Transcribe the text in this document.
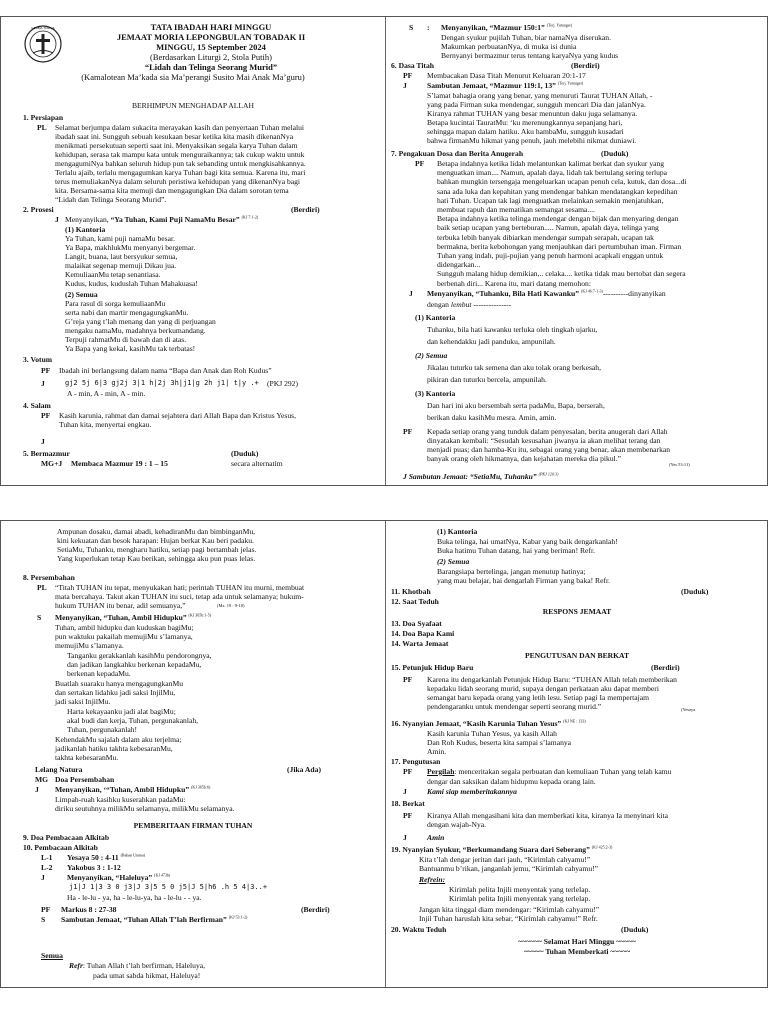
GEREJA TORAJA	TATA IBADAH HARI MINGGU
JEMAAT MORIA LEPONGBULAN TOBADAK II
MINGGU, 15 September 2024
(Berdasarkan Liturgi 2, Stola Putih)
“Lidah dan Telinga Seorang Murid”
(Kamalotean Ma’kada sia Ma’perangi Susito Mai Anak Ma’guru)
BERHIMPUN MENGHADAP ALLAH
1. Persiapan
PL Selamat berjumpa dalam sukacita merayakan kasih dan penyertaan Tuhan melalui
ibadah saat ini. Sungguh sebuah kesukaan besar ketika kita masih dikenanNya
menikmati persekutuan seperti saat ini. Menyaksikan segala karya Tuhan dalam
kehidupan, serasa tak mampu kata untuk menguraikannya; tak cukup waktu untuk
mengagumiNya bahkan seluruh hidup pun tak sebanding untuk mengkisahkannya.
Terlalu ajaib, terlalu mengagumkan karya Tuhan bagi kita semua. Karena itu, mari
terus memuliakanNya dalam seluruh peristiwa kehidupan yang dikenanNya bagi
kita. Bersama-sama kita memuji dan mengagungkan Dia dalam sorotan tema
“Lidah dan Telinga Seorang Murid”.
2. Prosesi	(Berdiri)
J Menyanyikan, “Ya Tuhan, Kami Puji NamaMu Besar” $^{(KJ 7:1-2)}$
(1) Kantoria
Ya Tuhan, kami puji namaMu besar.
Ya Bapa, makhlukMu menyanyi bergemar.
Langit, buana, laut bersyukur semua,
malaikat segenap memuji Dikau jua.
KemuliaanMu tetap senantiasa.
Kudus, kudus, kuduslah Tuhan Mahakuasa!
(2) Semua
Para rasul di sorga kemuliaanMu
serta nabi dan martir mengagungkanMu.
G’reja yang t’lah menang dan yang di perjuangan
mengaku namaMu, madahnya berkumandang.
Terpuji rahmatMu di bawah dan di atas.
Ya Bapa yang kekal, kasihMu tak terbatas!
3. Votum
PF Ibadah ini berlangsung dalam nama “Bapa dan Anak dan Roh Kudus”
J	gj2 5j 6|3 gj2j 3|1 h|2j 3h|j1|g 2h j1| t|y .+ (PKJ 292)
A - min, A - min, A - min.
4. Salam
PF Kasih karunia, rahmat dan damai sejahtera dari Allah Bapa dan Kristus Yesus,
Tuhan kita, menyertai engkau.
J
5. Bermazmur	(Duduk)
MG+J Membaca Mazmur 19 : 1 – 15	secara alternatim
S : Menyanyikan, “Mazmur 150:1” $^{(Terj. Yamuger)}$
Dengan syukur pujilah Tuhan, biar namaNya diserukan.
Makumkan perbuatanNya, di muka isi dunia
Bernyanyi bermazmur terus tentang karyaNya yang kudus
6. Dasa Titah	(Berdiri)
PF Membacakan Dasa Titah Menurut Keluaran 20:1-17
J	Sambutan Jemaat, “Mazmur 119:1, 13” $^{(Terj. Yamuger)}$
S’lamat bahagia orang yang benar, yang menuruti Taurat TUHAN Allah, -
yang pada Firman suka mendengar, sungguh mencari Dia dan jalanNya.
Kiranya rahmat TUHAN yang besar menuntun daku juga selamanya.
Betapa kucintai TauratMu: ‘ku merenungkannya sepanjang hari,
sehingga mapan dalam hatiku. Aku hambaMu, sungguh kusadari
bahwa firmanMu hikmat yang penuh, jauh melebihi nikmat duniawi.
7. Pengakuan Dosa dan Berita Anugerah	(Duduk)
PF Betapa indahnya ketika lidah melantunkan kalimat berkat dan syukur yang
menguatkan iman.... Namun, apalah daya, lidah tak bertulang sering terlupa
bahkan mungkin tersengaja mengeluarkan ucapan penuh cela, kutuk, dan dosa...di
sana ada luka dan kepahitan yang mendengar bahkan mendatangkan kepedihan
hati Tuhan. Ucapan tak lagi menguatkan melainkan semakin menjatuhkan,
membuat rapuh dan mematikan semangat sesama....
Betapa indahnya ketika telinga mendengar dengan bijak dan menyaring dengan
baik setiap ucapan yang berteburan..... Namun, apalah daya, telinga yang
terbuka lebih banyak dibiarkan mendengar sumpah serapah, ucapan tak
bermakna, berita kebohongan yang menjauhkan dari pertumbuhan iman. Firman
Tuhan yang indah, puji-pujian yang penuh harmoni acapkali enggan untuk
didengarkan...
Sungguh malang hidup demikian,.. celaka.... ketika tidak mau bertobat dan segera
berbenah diri... Karena itu, mari datang memohon:
J Menyanyikan, “Tuhanku, Bila Hati Kawanku” $^{(KJ 46:7-1-3)}$----------dinyanyikan
dengan lembut ---------------
(1) Kantoria
Tuhanku, bila hati kawanku terluka oleh tingkah ujarku,
dan kehendakku jadi panduku, ampunilah.
(2) Semua
Jikalau tuturku tak semena dan aku tolak orang berkesah,
pikiran dan tuturku bercela, ampunilah.
(3) Kantoria
Dan hari ini aku bersembah serta padaMu, Bapa, berserah,
berikan daku kasihMu mesra. Amin, amin.
PF Kepada setiap orang yang tunduk dalam penyesalan, berita anugerah dari Allah
dinyatakan kembali: “Sesudah kesusahan jiwanya ia akan melihat terang dan
menjadi puas; dan hamba-Ku itu, sebagai orang yang benar, akan membenarkan
banyak orang oleh hikmatnya, dan kejahatan mereka dia pikul.”
(Yes 53:11)
J Sambutan Jemaat: “SetiaMu, Tuhanku” $^{(PKJ 120:3)}$
Ampunan dosaku, damai abadi, kehadiranMu dan bimbinganMu,
kini kekuatan dan besok harapan: Hujan berkat Kau beri padaku.
SetiaMu, Tuhanku, mengharu hatiku, setiap pagi bertambah jelas.
Yang kuperlukan tetap Kau berikan, sehingga aku pun puas lelas.
8. Persembahan
PL “Titah TUHAN itu tepat, menyukakan hati; perintah TUHAN itu murni, membuat
mata bercahaya. Takut akan TUHAN itu suci, tetap ada untuk selamanya; hukum-
hukum TUHAN itu benar, adil semuanya,”	(Mz. 19 : 9-10)
S Menyanyikan, “Tuhan, Ambil Hidupku” $^{(KJ 365b:1-5)}$
Tuhan, ambil hidupku dan kuduskan bagiMu;
pun waktuku pakailah memujiMu s’lamanya,
memujiMu s’lamanya.
Tanganku gerakkanlah kasihMu pendorongnya,
dan jadikan langkahku berkenan kepadaMu,
berkenan kepadaMu.
Buatlah suaraku hanya mengagungkanMu
dan sertakan lidahku jadi saksi InjilMu,
jadi saksi InjilMu.
Harta kekayaanku jadi alat bagiMu;
akal budi dan kerja, Tuhan, pergunakanlah,
Tuhan, pergunakanlah!
KehendakMu sajalah dalam aku terjelma;
jadikanlah hatiku takhta kebesaranMu,
takhta kebesaranMu.
Lelang Natura	(Jika Ada)
MG Doa Persembahan
J Menyanyikan, ‘“Tuhan, Ambil Hidupku” $^{(KJ 365b:6)}$
Limpah-ruah kasihku kuserahkan padaMu:
diriku seutuhnya milikMu selamanya, milikMu selamanya.
PEMBERITAAN FIRMAN TUHAN
9. Doa Pembacaan Alkitab
10. Pembacaan Alkitab
L-1 Yesaya 50 : 4-11 $^{(Bahan Utama)}$
L-2 Yakobus 3 : 1-12
J	Menyanyikan, “Haleluya” $^{(KJ 473b)}$
j1|J 1|3 3 0 j3|J 3|5 5 0 j5|J 5|h6 .h 5 4|3..+
Ha - le-lu - ya, ha - le-lu-ya, ha - le-lu - - ya.
PF Markus 8 : 27-38	(Berdiri)
S Sambutan Jemaat, “Tuhan Allah T’lah Berfirman” $^{(KJ 53:1-2)}$
Semua
Refr: Tuhan Allah t’lah berfirman, Haleluya,
pada umat sabda hikmat, Haleluya!
(1) Kantoria
Buka telinga, hai umatNya, Kabar yang baik dengarkanlah!
Buka hatimu Tuhan datang, hai yang beriman! Refr.
(2) Semua
Barangsiapa bertelinga, jangan menutup hatinya;
yang mau belajar, hai dengarlah Firman yang baka! Refr.
11. Khotbah	(Duduk)
12. Saat Teduh
RESPONS JEMAAT
13. Doa Syafaat
14. Doa Bapa Kami
14. Warta Jemaat
PENGUTUSAN DAN BERKAT
15. Petunjuk Hidup Baru	(Berdiri)
PF Karena itu dengarkanlah Petunjuk Hidup Baru: “TUHAN Allah telah memberikan
kepadaku lidah seorang murid, supaya dengan perkataan aku dapat memberi
semangat baru kepada orang yang letih lesu. Setiap pagi Ia mempertajam
pendengaranku untuk mendengar seperti seorang murid.”	(Yesaya
16. Nyanyian Jemaat, “Kasih Karunia Tuhan Yesus” $^{(KJ NE : 133)}$
Kasih karunia Tuhan Yesus, ya kasih Allah
Dan Roh Kudus, beserta kita sampai s’lamanya
Amin.
17. Pengutusan
PF Pergilah: menceritakan segala perbuatan dan kemuliaan Tuhan yang telah kamu
dengar dan saksikan dalam hidupmu kepada orang lain.
J	Kami siap memberitakannya
18. Berkat
PF Kiranya Allah mengasihani kita dan memberkati kita, kiranya Ia menyinari kita
dengan wajah-Nya.
J	Amin
19. Nyanyian Syukur, “Berkumandang Suara dari Seberang” $^{(KJ 425:2-3)}$
Kita t’lah dengar jeritan dari jauh, “Kirimlah cahyamu!”
Bantuanmu b’rikan, janganlah jemu, “Kirimlah cahyamu!”
Refrein:
Kirimlah pelita Injili menyentak yang terlelap.
Kirimlah pelita Injili menyentak yang terlelap.
Jangan kita tinggal diam mendengar: “Kirimlah cahyamu!”
Injil Tuhan haruslah kita sebar, “Kirimlah cahyamu!” Refr.
20. Waktu Teduh	(Duduk)
~~~~~~ Selamat Hari Minggu ~~~~~
~~~~~ Tuhan Memberkati ~~~~~
